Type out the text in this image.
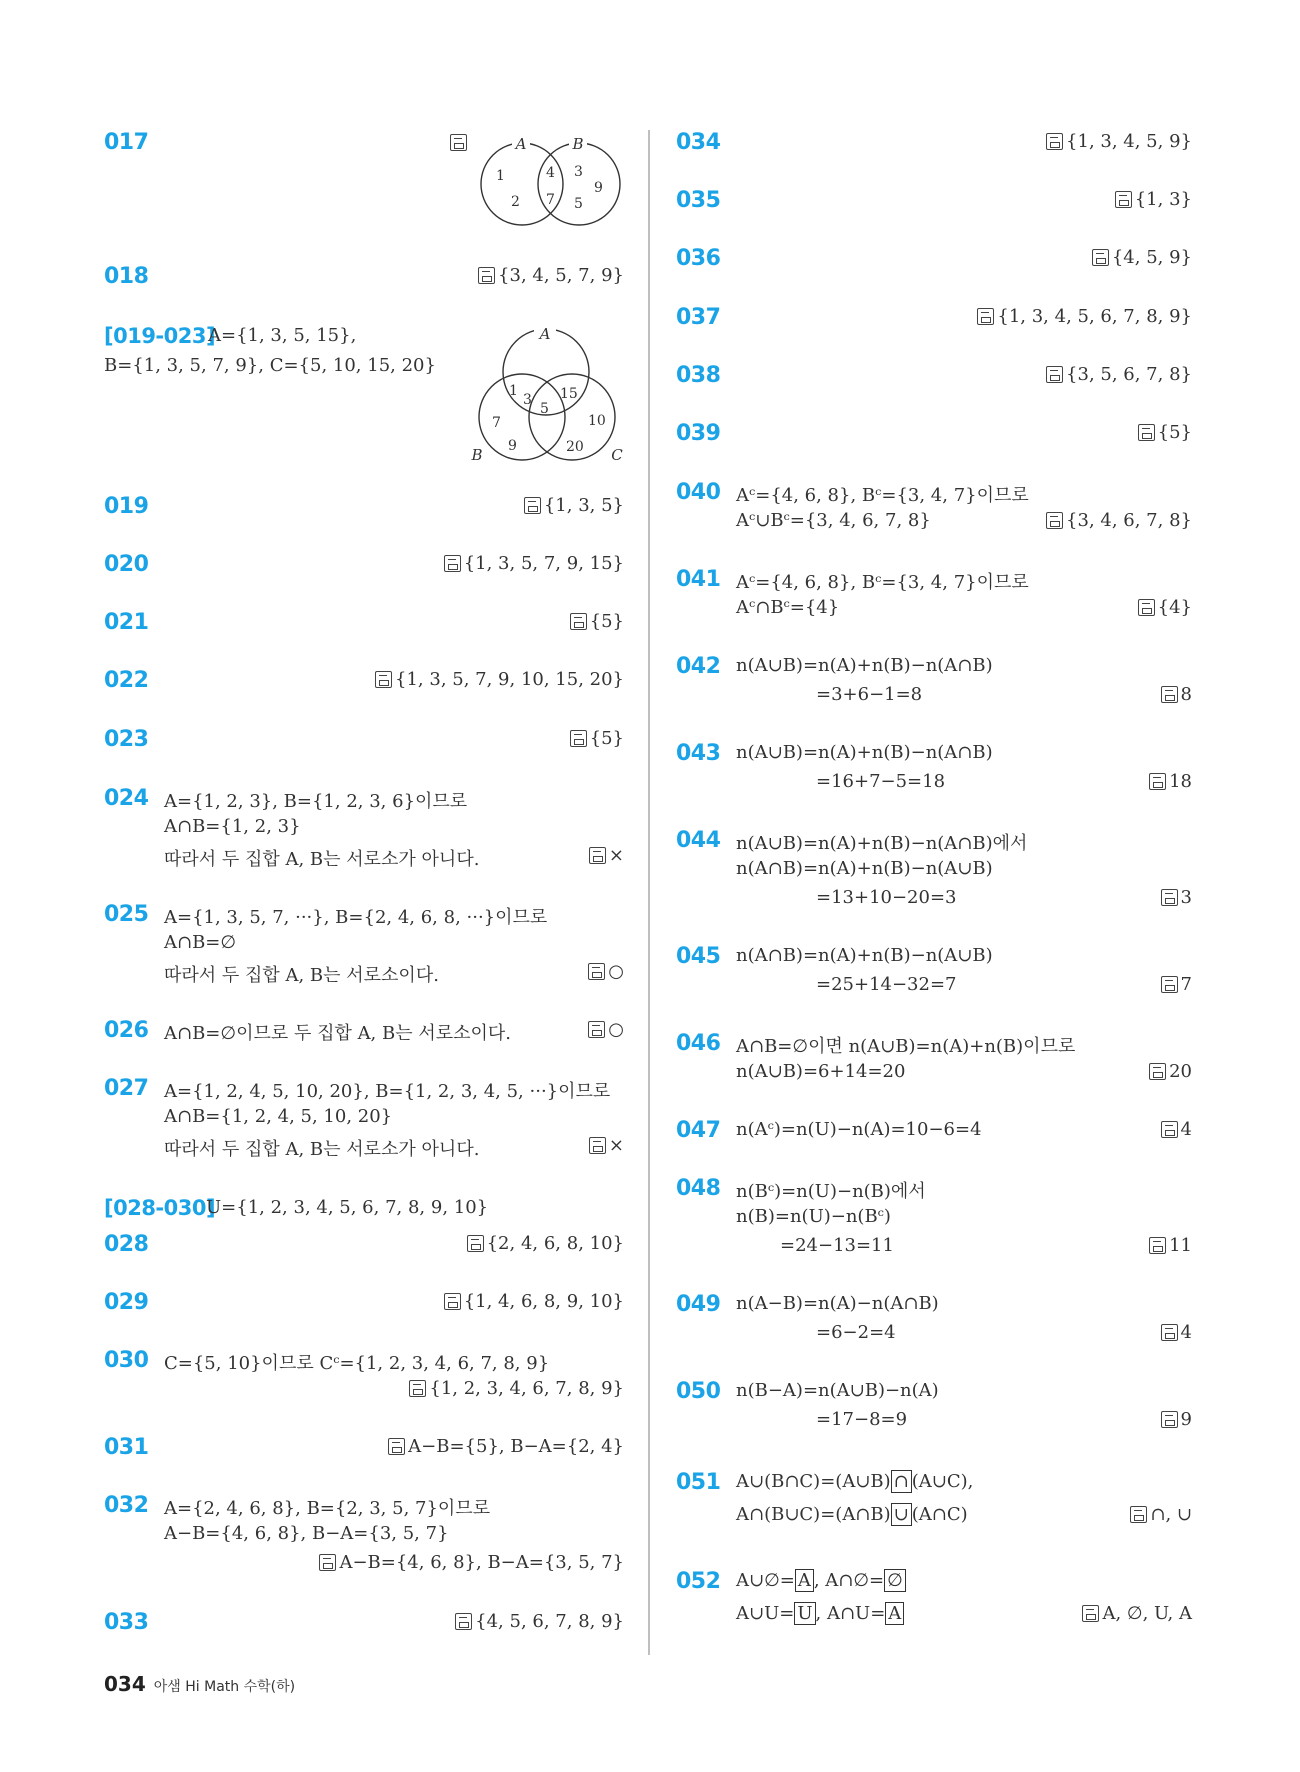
017	A	B
1
2
4
7
3
9
5
018	{3, 4, 5, 7, 9}
[019-023]
A={1, 3, 5, 15},
B={1, 3, 5, 7, 9}, C={5, 10, 15, 20}
A
B	C
1
3
5
15
7
9
10
20
019	{1, 3, 5}
020	{1, 3, 5, 7, 9, 15}
021	{5}
022	{1, 3, 5, 7, 9, 10, 15, 20}
023	{5}
024 A={1, 2, 3}, B={1, 2, 3, 6}이므로
A∩B={1, 2, 3}
따라서 두 집합 A, B는 서로소가 아니다.	×
025 A={1, 3, 5, 7, ···}, B={2, 4, 6, 8, ···}이므로
A∩B=∅
따라서 두 집합 A, B는 서로소이다.	○
026 A∩B=∅이므로 두 집합 A, B는 서로소이다.	○
027 A={1, 2, 4, 5, 10, 20}, B={1, 2, 3, 4, 5, ···}이므로
A∩B={1, 2, 4, 5, 10, 20}
따라서 두 집합 A, B는 서로소가 아니다.	×
[028-030]
U={1, 2, 3, 4, 5, 6, 7, 8, 9, 10}
028	{2, 4, 6, 8, 10}
029	{1, 4, 6, 8, 9, 10}
030 C={5, 10}이므로 Cᶜ={1, 2, 3, 4, 6, 7, 8, 9}
{1, 2, 3, 4, 6, 7, 8, 9}
031	A−B={5}, B−A={2, 4}
032 A={2, 4, 6, 8}, B={2, 3, 5, 7}이므로
A−B={4, 6, 8}, B−A={3, 5, 7}
A−B={4, 6, 8}, B−A={3, 5, 7}
033	{4, 5, 6, 7, 8, 9}
034	{1, 3, 4, 5, 9}
035	{1, 3}
036	{4, 5, 9}
037	{1, 3, 4, 5, 6, 7, 8, 9}
038	{3, 5, 6, 7, 8}
039	{5}
040 Aᶜ={4, 6, 8}, Bᶜ={3, 4, 7}이므로
Aᶜ∪Bᶜ={3, 4, 6, 7, 8}	{3, 4, 6, 7, 8}
041 Aᶜ={4, 6, 8}, Bᶜ={3, 4, 7}이므로
Aᶜ∩Bᶜ={4}	{4}
042 n(A∪B)=n(A)+n(B)−n(A∩B)
=3+6−1=8	8
043 n(A∪B)=n(A)+n(B)−n(A∩B)
=16+7−5=18	18
044 n(A∪B)=n(A)+n(B)−n(A∩B)에서
n(A∩B)=n(A)+n(B)−n(A∪B)
=13+10−20=3	3
045 n(A∩B)=n(A)+n(B)−n(A∪B)
=25+14−32=7	7
046 A∩B=∅이면 n(A∪B)=n(A)+n(B)이므로
n(A∪B)=6+14=20	20
047 n(Aᶜ)=n(U)−n(A)=10−6=4	4
048 n(Bᶜ)=n(U)−n(B)에서
n(B)=n(U)−n(Bᶜ)
=24−13=11	11
049 n(A−B)=n(A)−n(A∩B)
=6−2=4	4
050 n(B−A)=n(A∪B)−n(A)
=17−8=9	9
051 A∪(B∩C)=(A∪B) ∩ (A∪C),
A∩(B∪C)=(A∩B) ∪ (A∩C)	∩, ∪
052 A∪∅= A , A∩∅= ∅
A∪U= U , A∩U= A	A, ∅, U, A
034 아샘 Hi Math 수학(하)
